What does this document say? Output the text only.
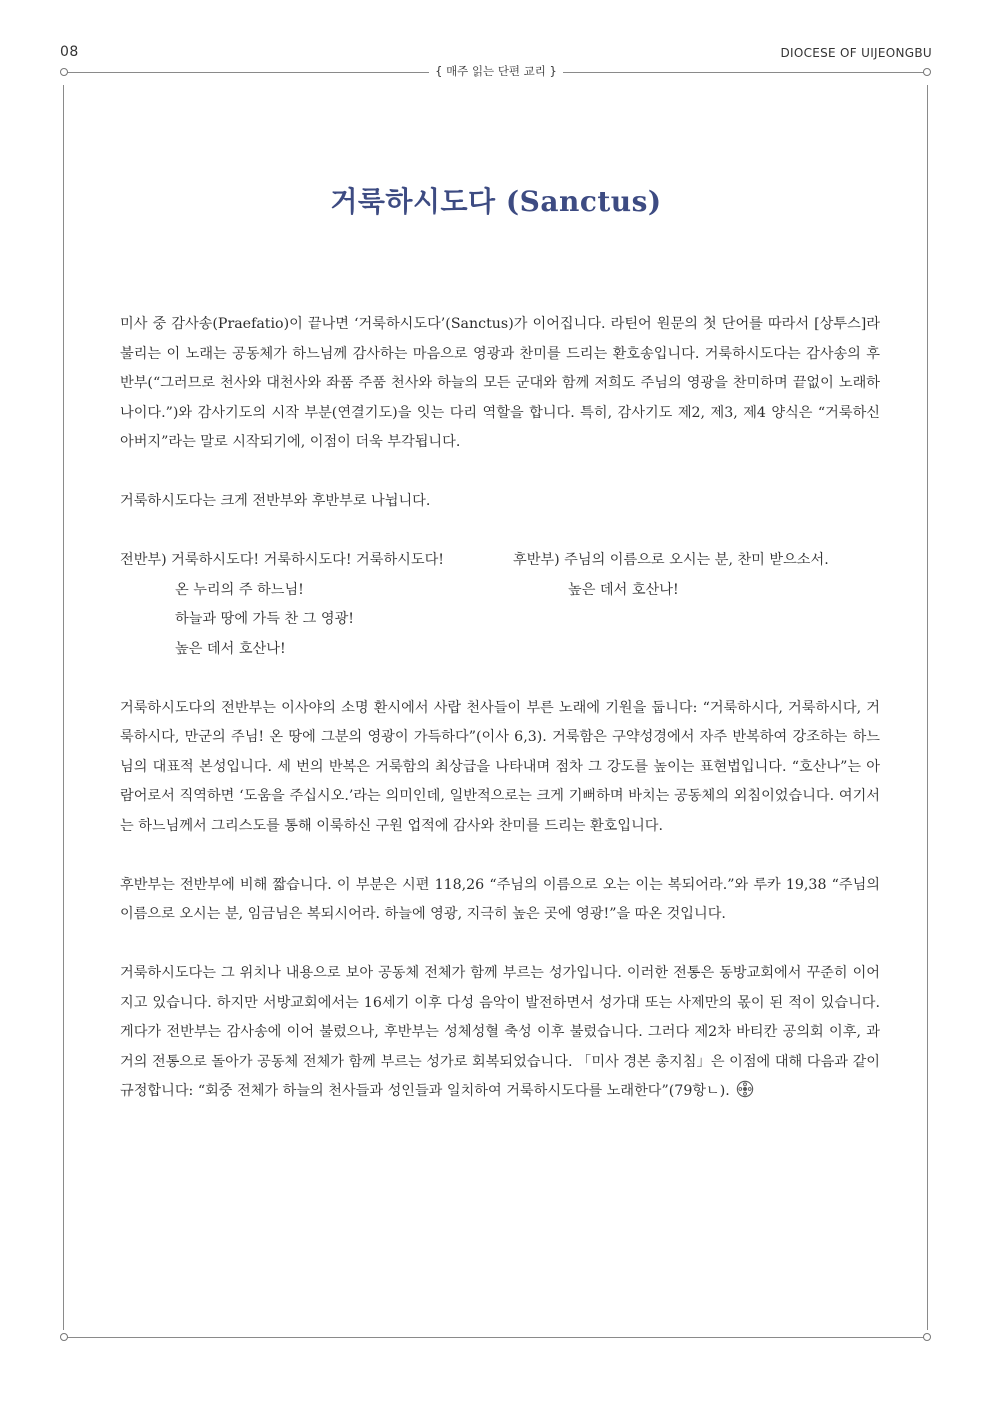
08	DIOCESE OF UIJEONGBU
{ 매주 읽는 단편 교리 }
거룩하시도다 (Sanctus)

미사 중 감사송(Praefatio)이 끝나면 ‘거룩하시도다’(Sanctus)가 이어집니다. 라틴어 원문의 첫 단어를 따라서 [상투스]라 불리는 이 노래는 공동체가 하느님께 감사하는 마음으로 영광과 찬미를 드리는 환호송입니다. 거룩하시도다는 감사송의 후반부(“그러므로 천사와 대천사와 좌품 주품 천사와 하늘의 모든 군대와 함께 저희도 주님의 영광을 찬미하며 끝없이 노래하나이다.”)와 감사기도의 시작 부분(연결기도)을 잇는 다리 역할을 합니다. 특히, 감사기도 제2, 제3, 제4 양식은 “거룩하신 아버지”라는 말로 시작되기에, 이점이 더욱 부각됩니다.

거룩하시도다는 크게 전반부와 후반부로 나뉩니다.

전반부) 거룩하시도다! 거룩하시도다! 거룩하시도다!
온 누리의 주 하느님!
하늘과 땅에 가득 찬 그 영광!
높은 데서 호산나!
후반부) 주님의 이름으로 오시는 분, 찬미 받으소서.
높은 데서 호산나!

거룩하시도다의 전반부는 이사야의 소명 환시에서 사랍 천사들이 부른 노래에 기원을 둡니다: “거룩하시다, 거룩하시다, 거룩하시다, 만군의 주님! 온 땅에 그분의 영광이 가득하다”(이사 6,3). 거룩함은 구약성경에서 자주 반복하여 강조하는 하느님의 대표적 본성입니다. 세 번의 반복은 거룩함의 최상급을 나타내며 점차 그 강도를 높이는 표현법입니다. “호산나”는 아람어로서 직역하면 ‘도움을 주십시오.’라는 의미인데, 일반적으로는 크게 기뻐하며 바치는 공동체의 외침이었습니다. 여기서는 하느님께서 그리스도를 통해 이룩하신 구원 업적에 감사와 찬미를 드리는 환호입니다.

후반부는 전반부에 비해 짧습니다. 이 부분은 시편 118,26 “주님의 이름으로 오는 이는 복되어라.”와 루카 19,38 “주님의 이름으로 오시는 분, 임금님은 복되시어라. 하늘에 영광, 지극히 높은 곳에 영광!”을 따온 것입니다.

거룩하시도다는 그 위치나 내용으로 보아 공동체 전체가 함께 부르는 성가입니다. 이러한 전통은 동방교회에서 꾸준히 이어지고 있습니다. 하지만 서방교회에서는 16세기 이후 다성 음악이 발전하면서 성가대 또는 사제만의 몫이 된 적이 있습니다. 게다가 전반부는 감사송에 이어 불렀으나, 후반부는 성체성혈 축성 이후 불렀습니다. 그러다 제2차 바티칸 공의회 이후, 과거의 전통으로 돌아가 공동체 전체가 함께 부르는 성가로 회복되었습니다. 「미사 경본 총지침」은 이점에 대해 다음과 같이 규정합니다: “회중 전체가 하늘의 천사들과 성인들과 일치하여 거룩하시도다를 노래한다”(79항ㄴ).
